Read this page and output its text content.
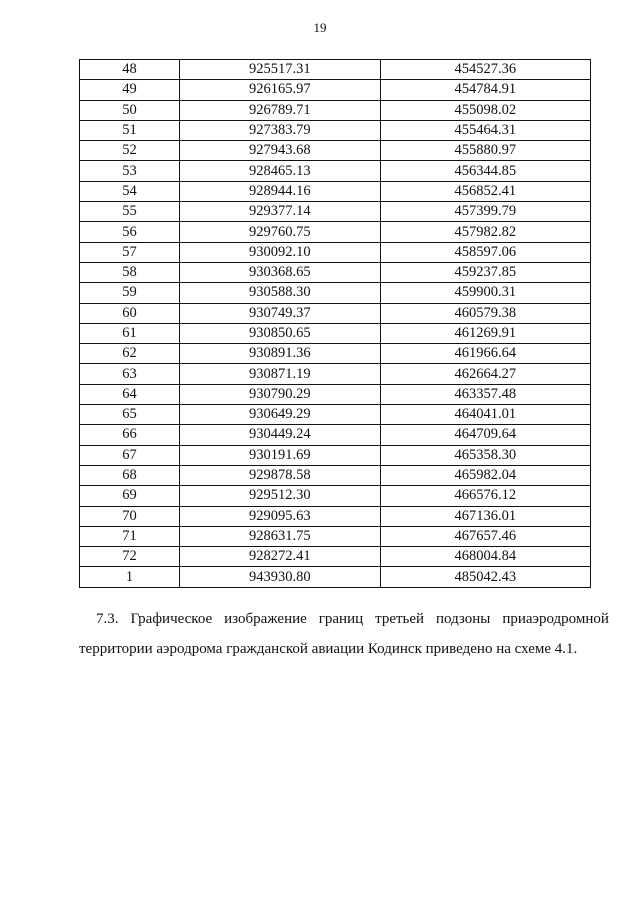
19
48	925517.31	454527.36
49	926165.97	454784.91
50	926789.71	455098.02
51	927383.79	455464.31
52	927943.68	455880.97
53	928465.13	456344.85
54	928944.16	456852.41
55	929377.14	457399.79
56	929760.75	457982.82
57	930092.10	458597.06
58	930368.65	459237.85
59	930588.30	459900.31
60	930749.37	460579.38
61	930850.65	461269.91
62	930891.36	461966.64
63	930871.19	462664.27
64	930790.29	463357.48
65	930649.29	464041.01
66	930449.24	464709.64
67	930191.69	465358.30
68	929878.58	465982.04
69	929512.30	466576.12
70	929095.63	467136.01
71	928631.75	467657.46
72	928272.41	468004.84
1	943930.80	485042.43
7.3. Графическое изображение границ третьей подзоны приаэродромной
территории аэродрома гражданской авиации Кодинск приведено на схеме 4.1.
